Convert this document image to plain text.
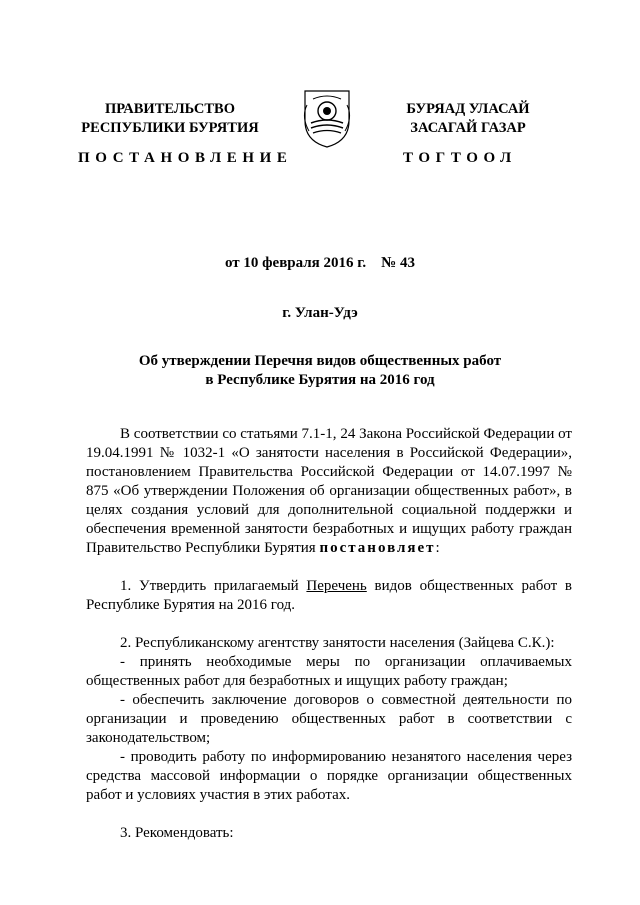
ПРАВИТЕЛЬСТВО
РЕСПУБЛИКИ БУРЯТИЯ
БУРЯАД УЛАСАЙ
ЗАСАГАЙ ГАЗАР
ПОСТАНОВЛЕНИЕ	ТОГТООЛ
от 10 февраля 2016 г.    № 43
г. Улан-Удэ
Об утверждении Перечня видов общественных работ
в Республике Бурятия на 2016 год

В соответствии со статьями 7.1-1, 24 Закона Российской Федерации от 19.04.1991 № 1032-1 «О занятости населения в Российской Федерации», постановлением Правительства Российской Федерации от 14.07.1997 № 875 «Об утверждении Положения об организации общественных работ», в целях создания условий для дополнительной социальной поддержки и обеспечения временной занятости безработных и ищущих работу граждан Правительство Республики Бурятия постановляет:

1. Утвердить прилагаемый Перечень видов общественных работ в Республике Бурятия на 2016 год.

2. Республиканскому агентству занятости населения (Зайцева С.К.):

- принять необходимые меры по организации оплачиваемых общественных работ для безработных и ищущих работу граждан;

- обеспечить заключение договоров о совместной деятельности по организации и проведению общественных работ в соответствии с законодательством;

- проводить работу по информированию незанятого населения через средства массовой информации о порядке организации общественных работ и условиях участия в этих работах.

3. Рекомендовать:
